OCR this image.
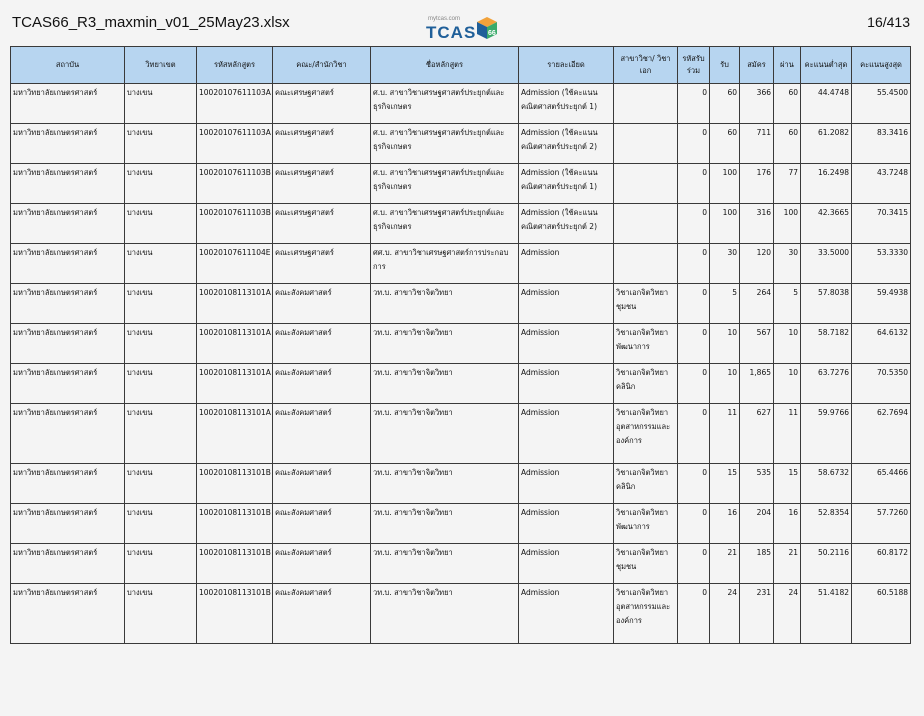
TCAS66_R3_maxmin_v01_25May23.xlsx	mytcas.com
TCAS 66
16/413
สถาบัน	วิทยาเขต	รหัสหลักสูตร	คณะ/สำนักวิชา	ชื่อหลักสูตร	รายละเอียด	สาขาวิชา/ วิชาเอก	รหัสรับ ร่วม	รับ	สมัคร	ผ่าน	คะแนนต่ำสุด	คะแนนสูงสุด
มหาวิทยาลัยเกษตรศาสตร์	บางเขน	10020107611103A	คณะเศรษฐศาสตร์	ศ.บ. สาขาวิชาเศรษฐศาสตร์ประยุกต์และธุรกิจเกษตร	Admission (ใช้คะแนนคณิตศาสตร์ประยุกต์ 1)		0	60	366	60	44.4748	55.4500
มหาวิทยาลัยเกษตรศาสตร์	บางเขน	10020107611103A	คณะเศรษฐศาสตร์	ศ.บ. สาขาวิชาเศรษฐศาสตร์ประยุกต์และธุรกิจเกษตร	Admission (ใช้คะแนนคณิตศาสตร์ประยุกต์ 2)		0	60	711	60	61.2082	83.3416
มหาวิทยาลัยเกษตรศาสตร์	บางเขน	10020107611103B	คณะเศรษฐศาสตร์	ศ.บ. สาขาวิชาเศรษฐศาสตร์ประยุกต์และธุรกิจเกษตร	Admission (ใช้คะแนนคณิตศาสตร์ประยุกต์ 1)		0	100	176	77	16.2498	43.7248
มหาวิทยาลัยเกษตรศาสตร์	บางเขน	10020107611103B	คณะเศรษฐศาสตร์	ศ.บ. สาขาวิชาเศรษฐศาสตร์ประยุกต์และธุรกิจเกษตร	Admission (ใช้คะแนนคณิตศาสตร์ประยุกต์ 2)		0	100	316	100	42.3665	70.3415
มหาวิทยาลัยเกษตรศาสตร์	บางเขน	10020107611104E	คณะเศรษฐศาสตร์	ศศ.บ. สาขาวิชาเศรษฐศาสตร์การประกอบการ	Admission		0	30	120	30	33.5000	53.3330
มหาวิทยาลัยเกษตรศาสตร์	บางเขน	10020108113101A	คณะสังคมศาสตร์	วท.บ. สาขาวิชาจิตวิทยา	Admission	วิชาเอกจิตวิทยาชุมชน	0	5	264	5	57.8038	59.4938
มหาวิทยาลัยเกษตรศาสตร์	บางเขน	10020108113101A	คณะสังคมศาสตร์	วท.บ. สาขาวิชาจิตวิทยา	Admission	วิชาเอกจิตวิทยาพัฒนาการ	0	10	567	10	58.7182	64.6132
มหาวิทยาลัยเกษตรศาสตร์	บางเขน	10020108113101A	คณะสังคมศาสตร์	วท.บ. สาขาวิชาจิตวิทยา	Admission	วิชาเอกจิตวิทยาคลินิก	0	10	1,865	10	63.7276	70.5350
มหาวิทยาลัยเกษตรศาสตร์	บางเขน	10020108113101A	คณะสังคมศาสตร์	วท.บ. สาขาวิชาจิตวิทยา	Admission	วิชาเอกจิตวิทยาอุตสาหกรรมและองค์การ	0	11	627	11	59.9766	62.7694
มหาวิทยาลัยเกษตรศาสตร์	บางเขน	10020108113101B	คณะสังคมศาสตร์	วท.บ. สาขาวิชาจิตวิทยา	Admission	วิชาเอกจิตวิทยาคลินิก	0	15	535	15	58.6732	65.4466
มหาวิทยาลัยเกษตรศาสตร์	บางเขน	10020108113101B	คณะสังคมศาสตร์	วท.บ. สาขาวิชาจิตวิทยา	Admission	วิชาเอกจิตวิทยาพัฒนาการ	0	16	204	16	52.8354	57.7260
มหาวิทยาลัยเกษตรศาสตร์	บางเขน	10020108113101B	คณะสังคมศาสตร์	วท.บ. สาขาวิชาจิตวิทยา	Admission	วิชาเอกจิตวิทยาชุมชน	0	21	185	21	50.2116	60.8172
มหาวิทยาลัยเกษตรศาสตร์	บางเขน	10020108113101B	คณะสังคมศาสตร์	วท.บ. สาขาวิชาจิตวิทยา	Admission	วิชาเอกจิตวิทยาอุตสาหกรรมและองค์การ	0	24	231	24	51.4182	60.5188
